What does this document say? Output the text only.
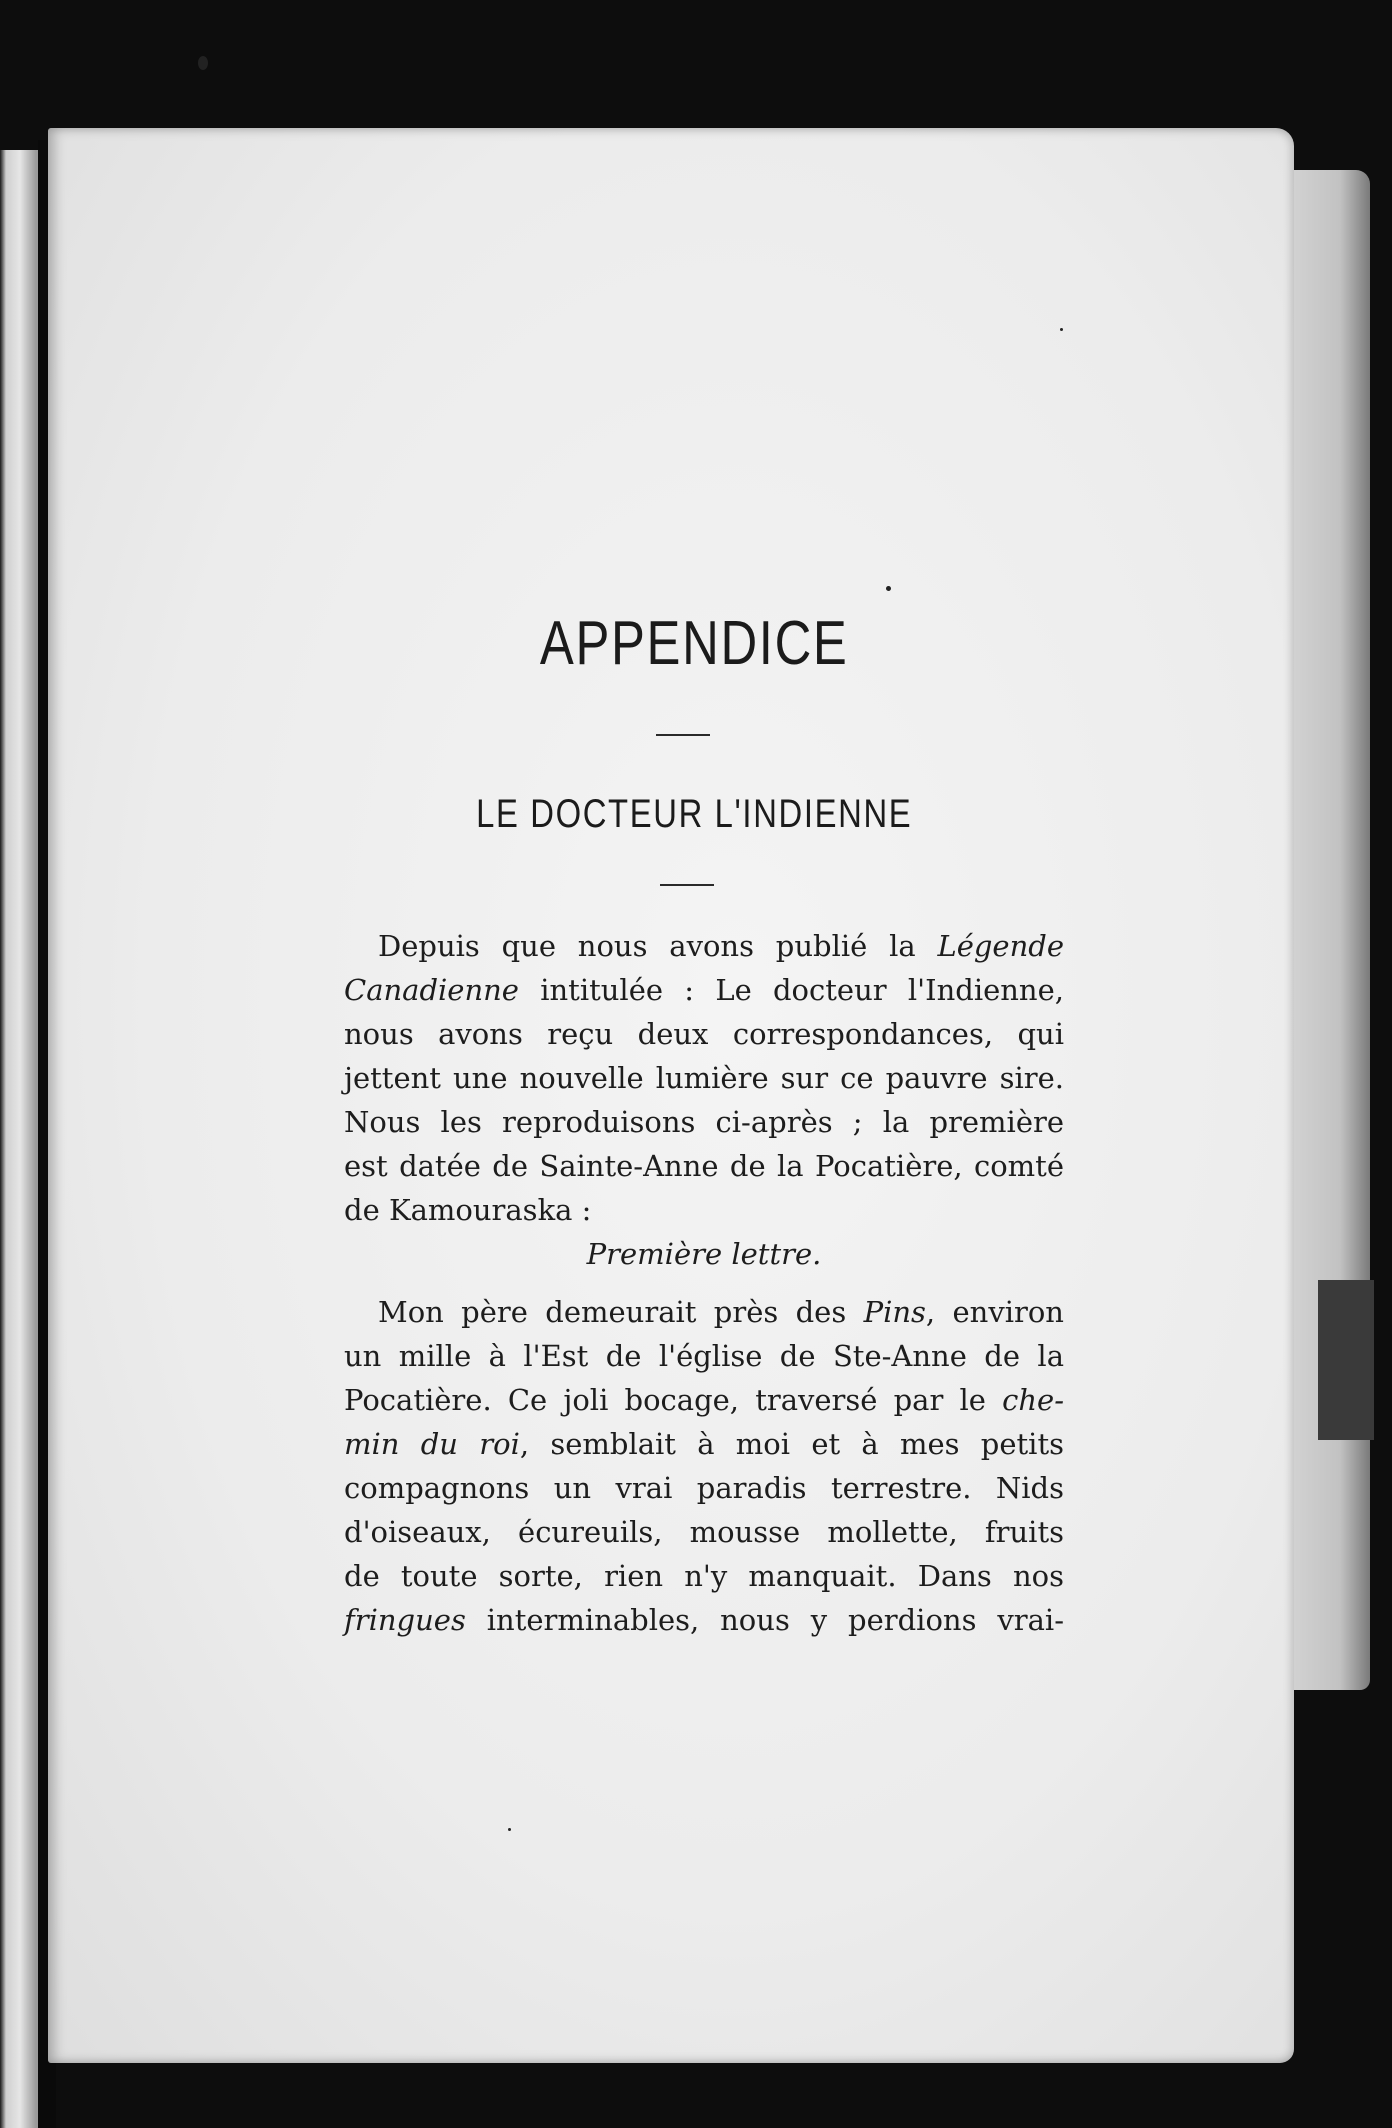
APPENDICE
LE DOCTEUR L'INDIENNE
Depuis que nous avons publié la Légende
Canadienne intitulée : Le docteur l'Indienne,
nous avons reçu deux correspondances, qui
jettent une nouvelle lumière sur ce pauvre sire.
Nous les reproduisons ci-après ; la première
est datée de Sainte-Anne de la Pocatière, comté
de Kamouraska :
Première lettre.
Mon père demeurait près des Pins, environ
un mille à l'Est de l'église de Ste-Anne de la
Pocatière. Ce joli bocage, traversé par le che-
min du roi, semblait à moi et à mes petits
compagnons un vrai paradis terrestre. Nids
d'oiseaux, écureuils, mousse mollette, fruits
de toute sorte, rien n'y manquait. Dans nos
fringues interminables, nous y perdions vrai-
